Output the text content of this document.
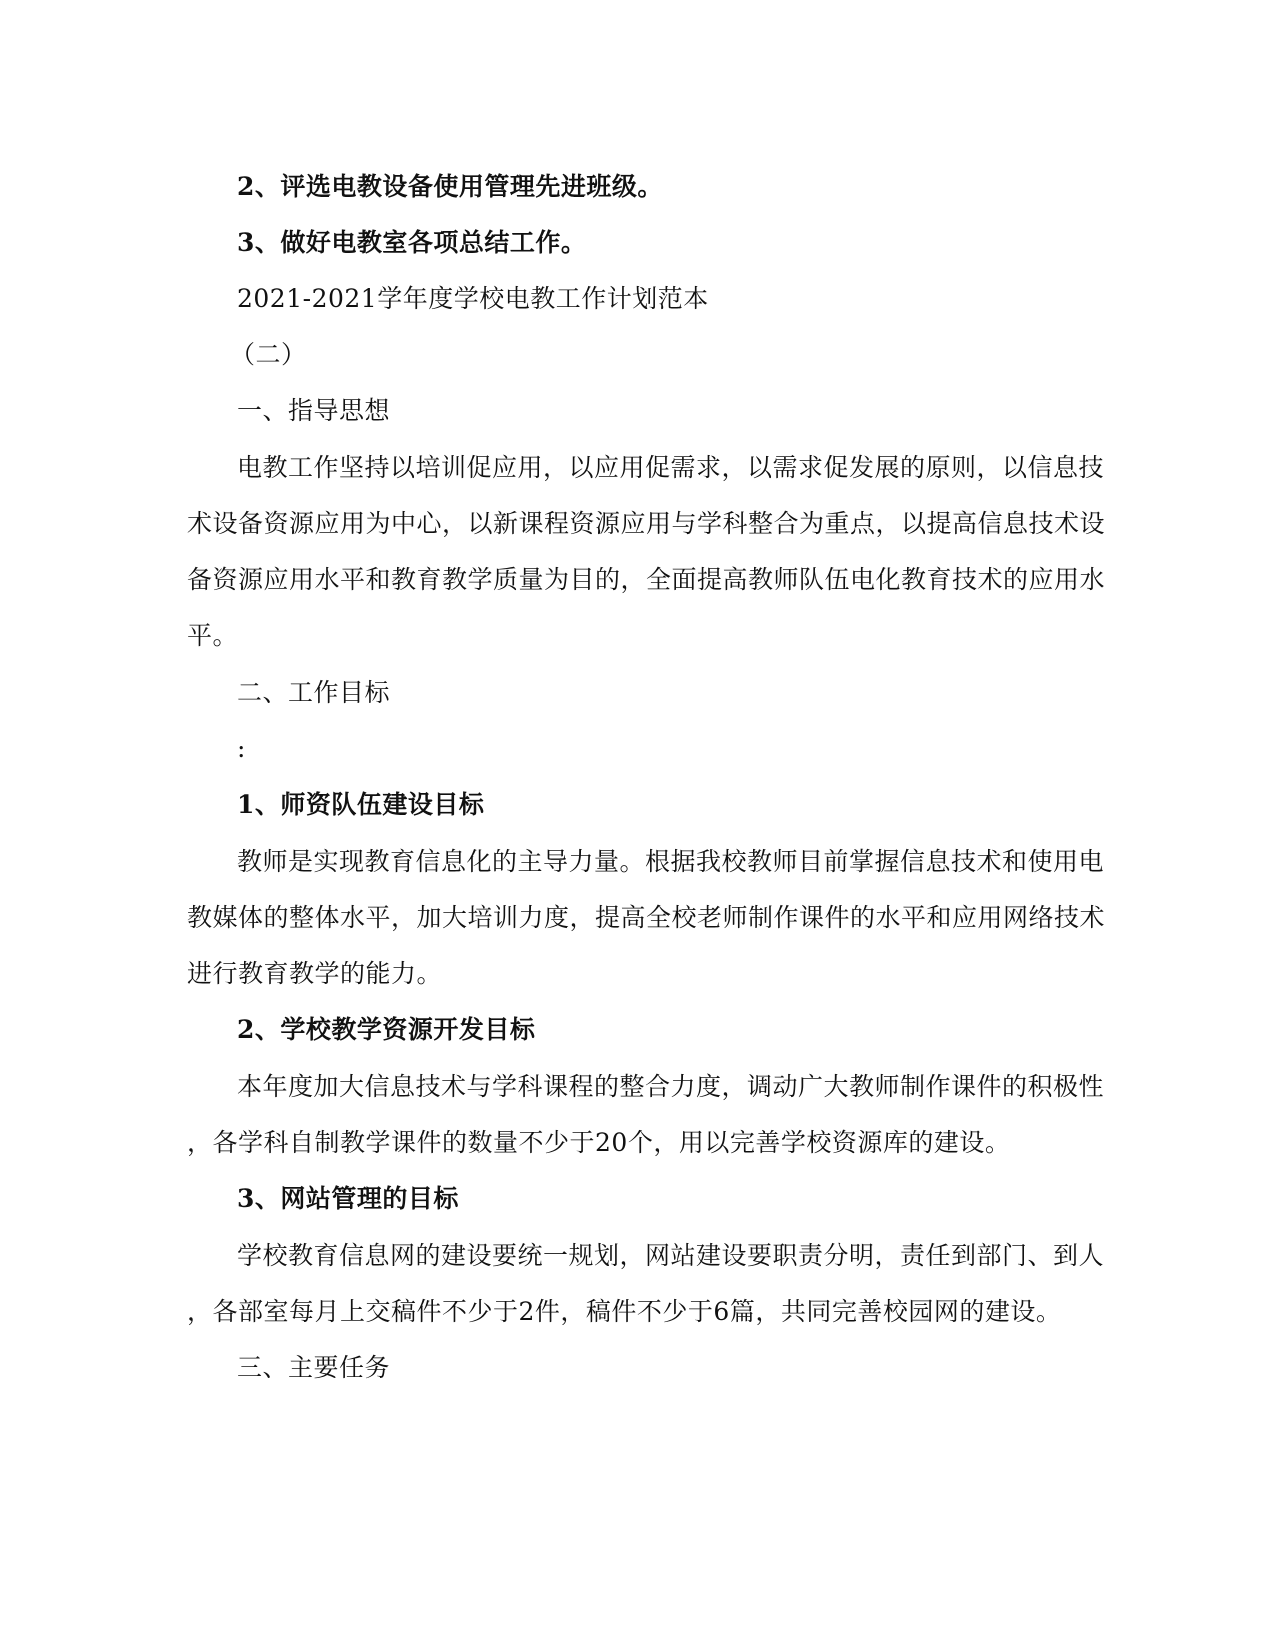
2、评选电教设备使用管理先进班级。
3、做好电教室各项总结工作。
2021-2021学年度学校电教工作计划范本
（二）
一、指导思想
电教工作坚持以培训促应用，以应用促需求，以需求促发展的原则，以信息技
术设备资源应用为中心，以新课程资源应用与学科整合为重点，以提高信息技术设
备资源应用水平和教育教学质量为目的，全面提高教师队伍电化教育技术的应用水
平。
二、工作目标
:
1、师资队伍建设目标
教师是实现教育信息化的主导力量。根据我校教师目前掌握信息技术和使用电
教媒体的整体水平，加大培训力度，提高全校老师制作课件的水平和应用网络技术
进行教育教学的能力。
2、学校教学资源开发目标
本年度加大信息技术与学科课程的整合力度，调动广大教师制作课件的积极性
，各学科自制教学课件的数量不少于20个，用以完善学校资源库的建设。
3、网站管理的目标
学校教育信息网的建设要统一规划，网站建设要职责分明，责任到部门、到人
，各部室每月上交稿件不少于2件，稿件不少于6篇，共同完善校园网的建设。
三、主要任务
